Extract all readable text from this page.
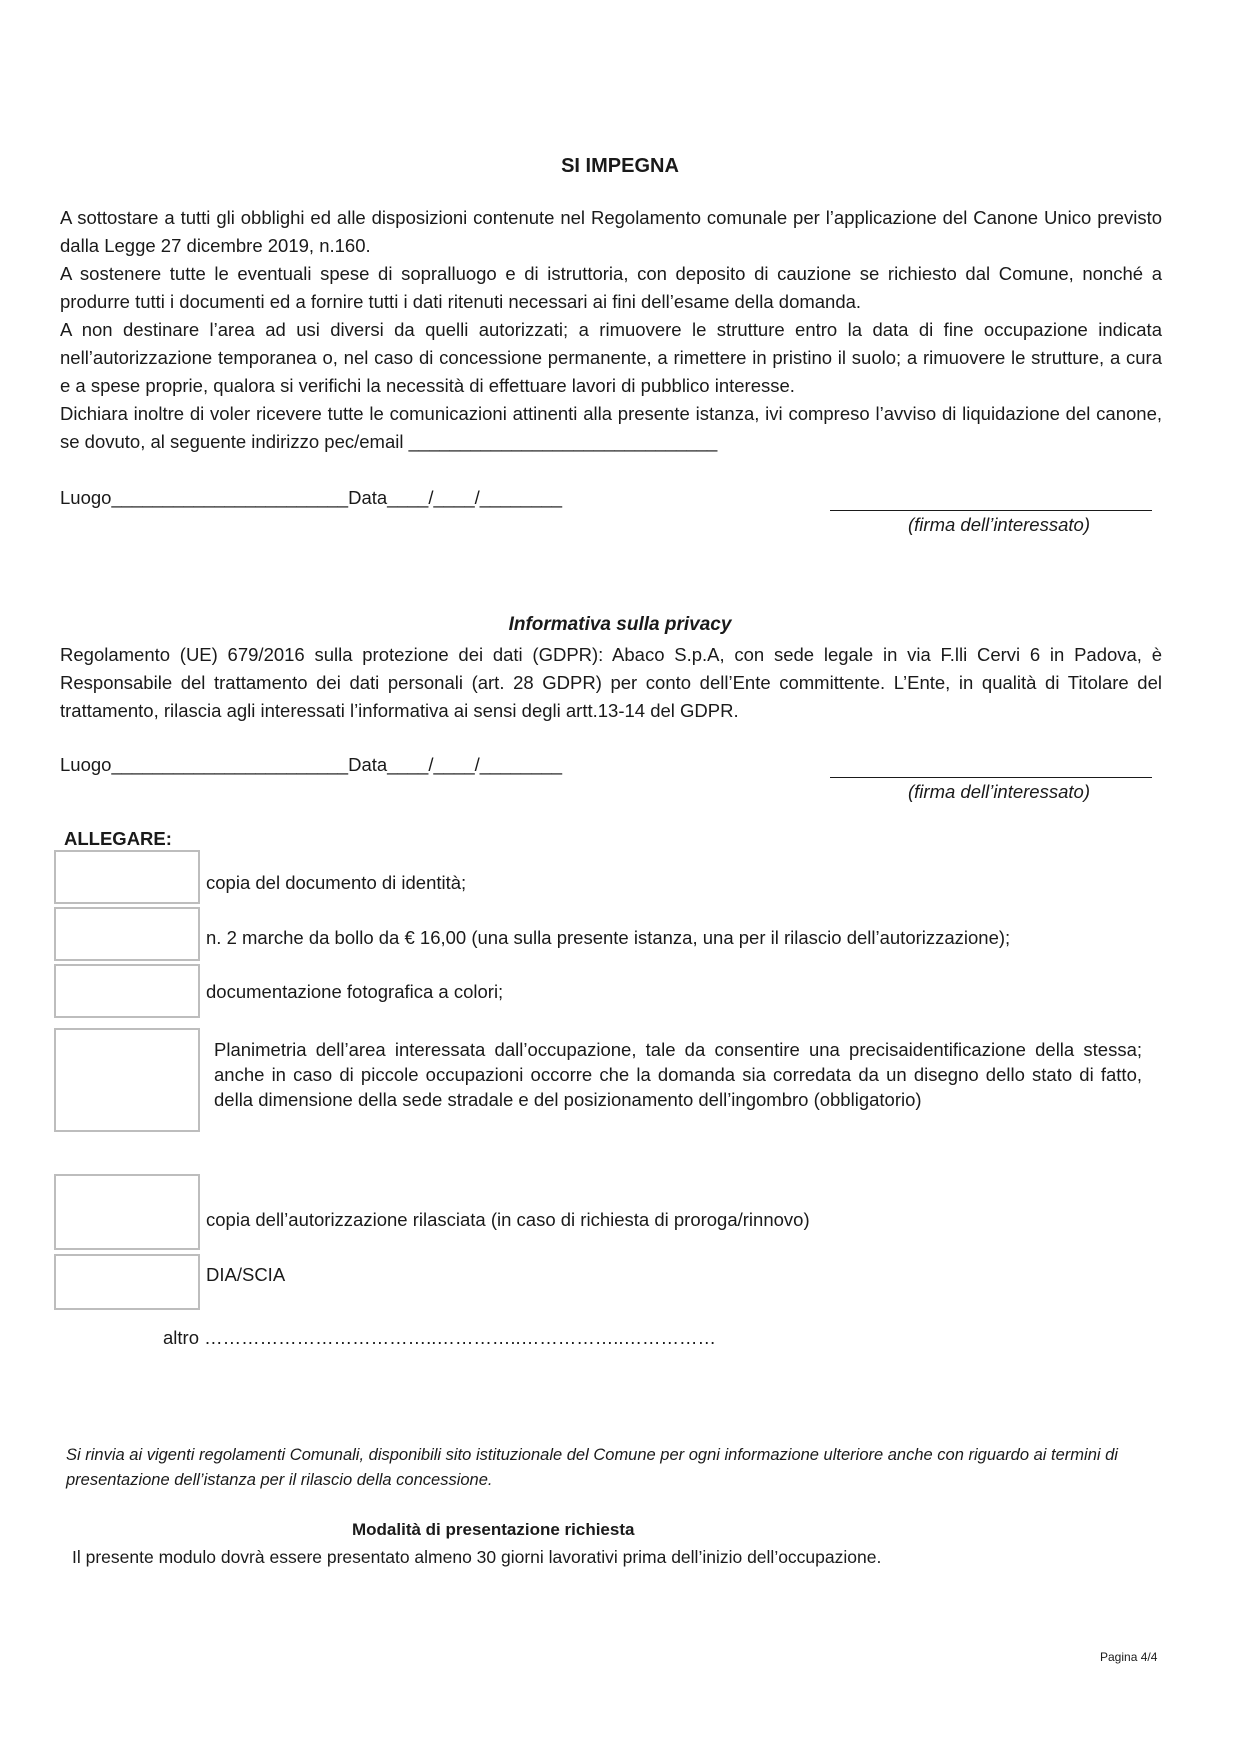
SI IMPEGNA

A sottostare a tutti gli obblighi ed alle disposizioni contenute nel Regolamento comunale per l’applicazione del Canone Unico previsto dalla Legge 27 dicembre 2019, n.160.

A sostenere tutte le eventuali spese di sopralluogo e di istruttoria, con deposito di cauzione se richiesto dal Comune, nonché a produrre tutti i documenti ed a fornire tutti i dati ritenuti necessari ai fini dell’esame della domanda.

A non destinare l’area ad usi diversi da quelli autorizzati; a rimuovere le strutture entro la data di fine occupazione indicata nell’autorizzazione temporanea o, nel caso di concessione permanente, a rimettere in pristino il suolo; a rimuovere le strutture, a cura e a spese proprie, qualora si verifichi la necessità di effettuare lavori di pubblico interesse.

Dichiara inoltre di voler ricevere tutte le comunicazioni attinenti alla presente istanza, ivi compreso l’avviso di liquidazione del canone, se dovuto, al seguente indirizzo pec/email ______________________________

Luogo_______________________Data____/____/________
(firma dell’interessato)
Informativa sulla privacy
Regolamento (UE) 679/2016 sulla protezione dei dati (GDPR): Abaco S.p.A, con sede legale in via F.lli Cervi 6 in Padova, è Responsabile del trattamento dei dati personali (art. 28 GDPR) per conto dell’Ente committente. L’Ente, in qualità di Titolare del trattamento, rilascia agli interessati l’informativa ai sensi degli artt.13-14 del GDPR.
Luogo_______________________Data____/____/________
(firma dell’interessato)
ALLEGARE:
copia del documento di identità;
n. 2 marche da bollo da € 16,00 (una sulla presente istanza, una per il rilascio dell’autorizzazione);
documentazione fotografica a colori;
Planimetria dell’area interessata dall’occupazione, tale da consentire una precisaidentificazione della stessa; anche in caso di piccole occupazioni occorre che la domanda sia corredata da un disegno dello stato di fatto, della dimensione della sede stradale e del posizionamento dell’ingombro (obbligatorio)
copia dell’autorizzazione rilasciata (in caso di richiesta di proroga/rinnovo)
DIA/SCIA
altro ………………………………..…………..……………..……………
Si rinvia ai vigenti regolamenti Comunali, disponibili sito istituzionale del Comune per ogni informazione ulteriore anche con riguardo ai termini di presentazione dell’istanza per il rilascio della concessione.
Modalità di presentazione richiesta
Il presente modulo dovrà essere presentato almeno 30 giorni lavorativi prima dell’inizio dell’occupazione.
Pagina 4/4
